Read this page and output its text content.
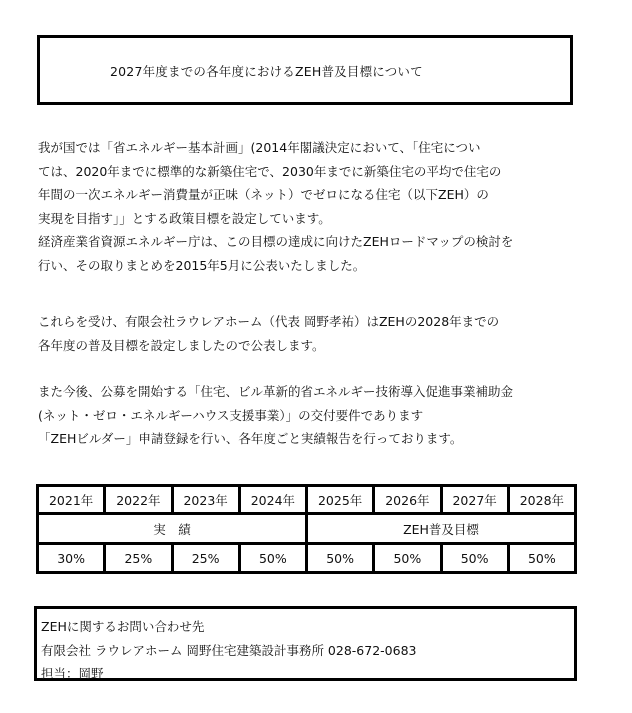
2027年度までの各年度におけるZEH普及目標について
我が国では「省エネルギー基本計画」(2014年閣議決定において、「住宅につい
ては、2020年までに標準的な新築住宅で、2030年までに新築住宅の平均で住宅の
年間の一次エネルギー消費量が正味（ネット）でゼロになる住宅（以下ZEH）の
実現を目指す」」とする政策目標を設定しています。
経済産業省資源エネルギー庁は、この目標の達成に向けたZEHロードマップの検討を
行い、その取りまとめを2015年5月に公表いたしました。
これらを受け、有限会社ラウレアホーム（代表 岡野孝祐）はZEHの2028年までの
各年度の普及目標を設定しましたので公表します。
また今後、公募を開始する「住宅、ビル革新的省エネルギー技術導入促進事業補助金
(ネット・ゼロ・エネルギーハウス支援事業）」の交付要件であります
「ZEHビルダー」申請登録を行い、各年度ごと実績報告を行っております。
2021年	2022年	2023年	2024年	2025年	2026年	2027年	2028年
実　績				ZEH普及目標			
30%	25%	25%	50%	50%	50%	50%	50%
ZEHに関するお問い合わせ先
有限会社 ラウレアホーム 岡野住宅建築設計事務所 028-672-0683
担当：岡野
